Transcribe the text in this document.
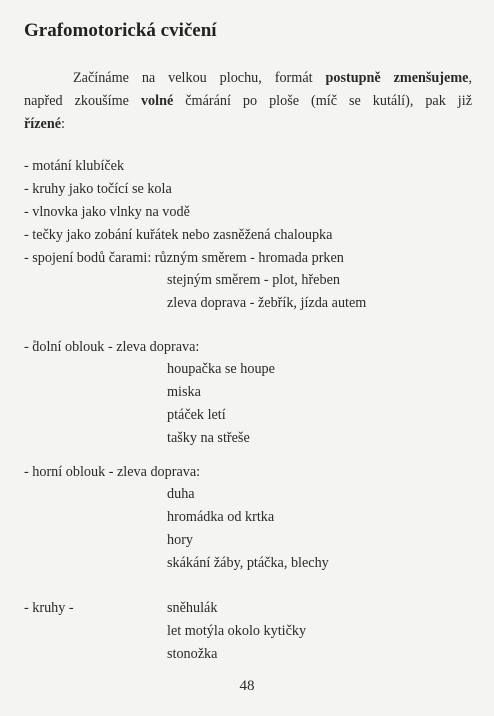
Grafomotorická cvičení
Začínáme na velkou plochu, formát postupně zmenšujeme,
napřed zkoušíme volné čmárání po ploše (míč se kutálí), pak již
řízené:
- motání klubíček
- kruhy jako točící se kola
- vlnovka jako vlnky na vodě
- tečky jako zobání kuřátek nebo zasněžená chaloupka
- spojení bodů čarami: různým směrem - hromada prken
stejným směrem - plot, hřeben
zleva doprava - žebřík, jízda autem
- dolní oblouk - zleva doprava:
houpačka se houpe
miska
ptáček letí
tašky na střeše
- horní oblouk - zleva doprava:
duha
hromádka od krtka
hory
skákání žáby, ptáčka, blechy
- kruhy -	sněhulák
let motýla okolo kytičky
stonožka
48
